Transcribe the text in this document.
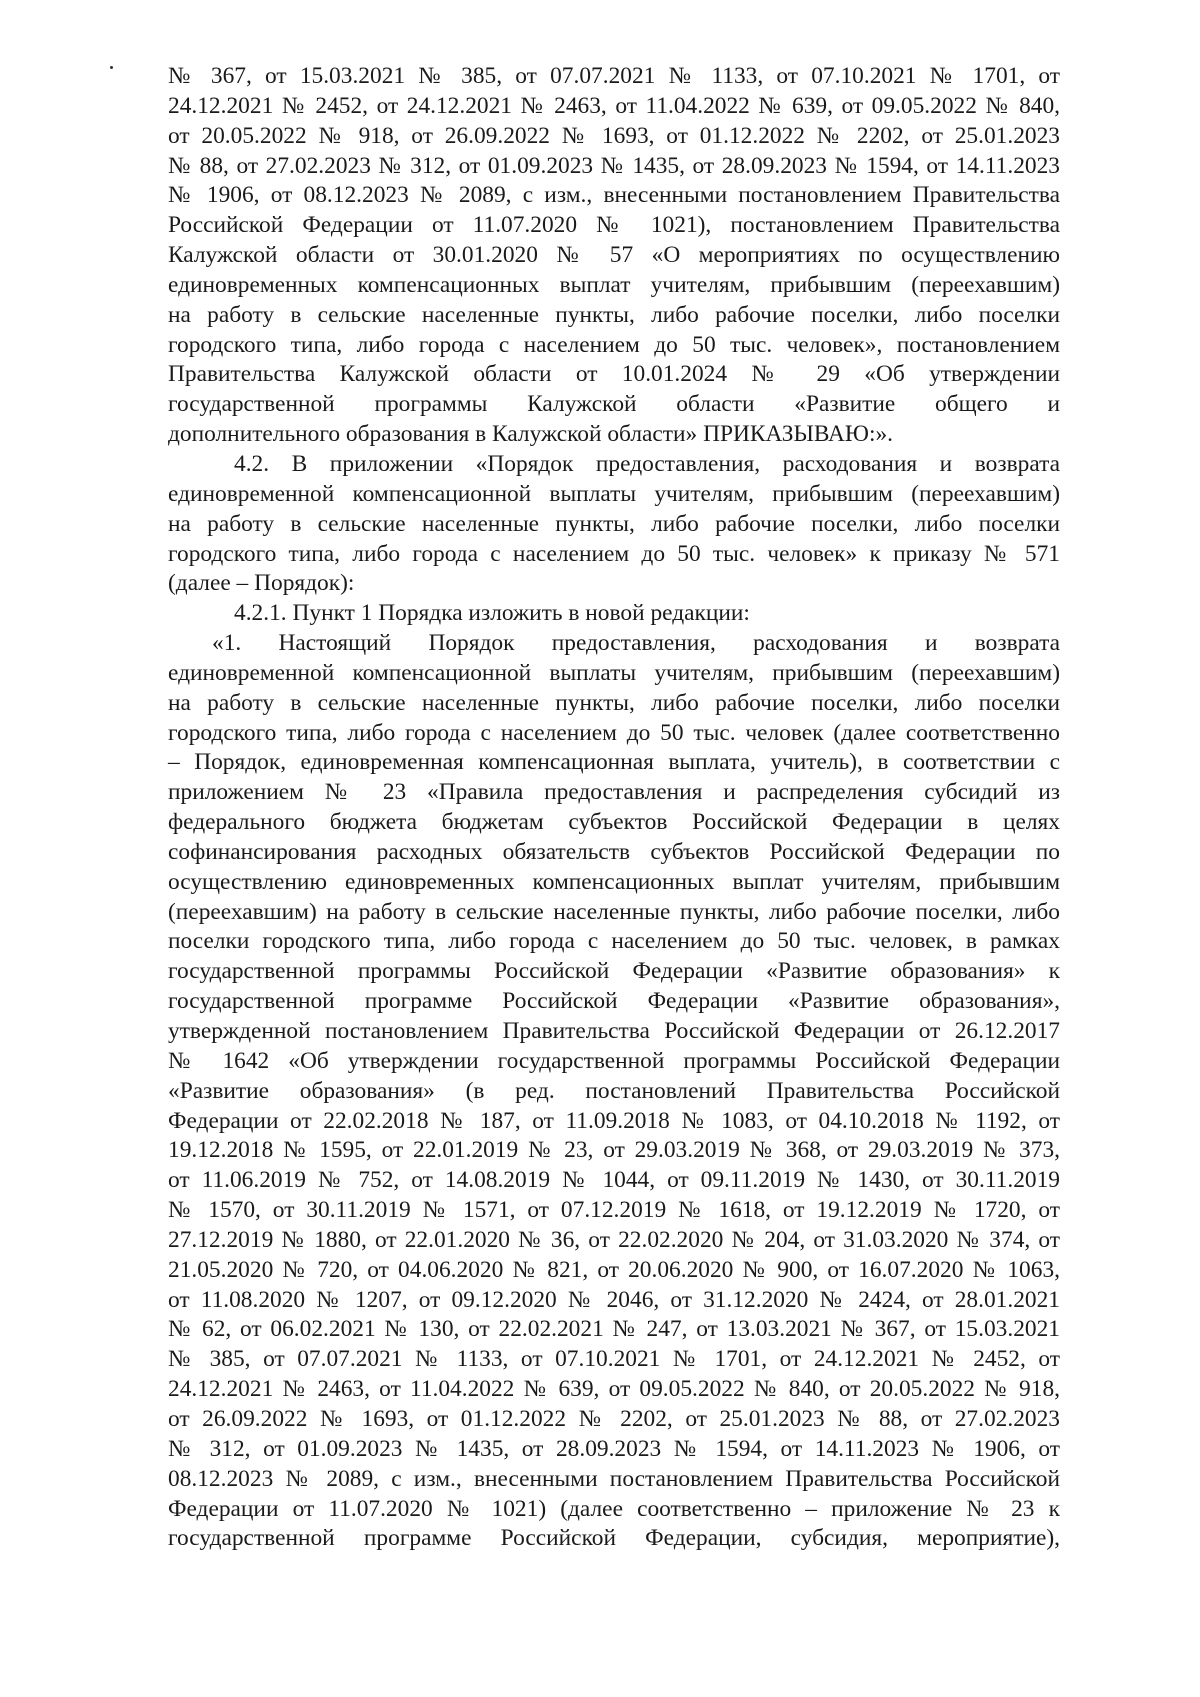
№ 367, от 15.03.2021 № 385, от 07.07.2021 № 1133, от 07.10.2021 № 1701, от
24.12.2021 № 2452, от 24.12.2021 № 2463, от 11.04.2022 № 639, от 09.05.2022 № 840,
от 20.05.2022 № 918, от 26.09.2022 № 1693, от 01.12.2022 № 2202, от 25.01.2023
№ 88, от 27.02.2023 № 312, от 01.09.2023 № 1435, от 28.09.2023 № 1594, от 14.11.2023
№ 1906, от 08.12.2023 № 2089, с изм., внесенными постановлением Правительства
Российской Федерации от 11.07.2020 № 1021), постановлением Правительства
Калужской области от 30.01.2020 № 57 «О мероприятиях по осуществлению
единовременных компенсационных выплат учителям, прибывшим (переехавшим)
на работу в сельские населенные пункты, либо рабочие поселки, либо поселки
городского типа, либо города с населением до 50 тыс. человек», постановлением
Правительства Калужской области от 10.01.2024 № 29 «Об утверждении
государственной программы Калужской области «Развитие общего и
дополнительного образования в Калужской области» ПРИКАЗЫВАЮ:».
4.2. В приложении «Порядок предоставления, расходования и возврата
единовременной компенсационной выплаты учителям, прибывшим (переехавшим)
на работу в сельские населенные пункты, либо рабочие поселки, либо поселки
городского типа, либо города с населением до 50 тыс. человек» к приказу № 571
(далее – Порядок):
4.2.1. Пункт 1 Порядка изложить в новой редакции:
«1. Настоящий Порядок предоставления, расходования и возврата
единовременной компенсационной выплаты учителям, прибывшим (переехавшим)
на работу в сельские населенные пункты, либо рабочие поселки, либо поселки
городского типа, либо города с населением до 50 тыс. человек (далее соответственно
– Порядок, единовременная компенсационная выплата, учитель), в соответствии с
приложением № 23 «Правила предоставления и распределения субсидий из
федерального бюджета бюджетам субъектов Российской Федерации в целях
софинансирования расходных обязательств субъектов Российской Федерации по
осуществлению единовременных компенсационных выплат учителям, прибывшим
(переехавшим) на работу в сельские населенные пункты, либо рабочие поселки, либо
поселки городского типа, либо города с населением до 50 тыс. человек, в рамках
государственной программы Российской Федерации «Развитие образования» к
государственной программе Российской Федерации «Развитие образования»,
утвержденной постановлением Правительства Российской Федерации от 26.12.2017
№ 1642 «Об утверждении государственной программы Российской Федерации
«Развитие образования» (в ред. постановлений Правительства Российской
Федерации от 22.02.2018 № 187, от 11.09.2018 № 1083, от 04.10.2018 № 1192, от
19.12.2018 № 1595, от 22.01.2019 № 23, от 29.03.2019 № 368, от 29.03.2019 № 373,
от 11.06.2019 № 752, от 14.08.2019 № 1044, от 09.11.2019 № 1430, от 30.11.2019
№ 1570, от 30.11.2019 № 1571, от 07.12.2019 № 1618, от 19.12.2019 № 1720, от
27.12.2019 № 1880, от 22.01.2020 № 36, от 22.02.2020 № 204, от 31.03.2020 № 374, от
21.05.2020 № 720, от 04.06.2020 № 821, от 20.06.2020 № 900, от 16.07.2020 № 1063,
от 11.08.2020 № 1207, от 09.12.2020 № 2046, от 31.12.2020 № 2424, от 28.01.2021
№ 62, от 06.02.2021 № 130, от 22.02.2021 № 247, от 13.03.2021 № 367, от 15.03.2021
№ 385, от 07.07.2021 № 1133, от 07.10.2021 № 1701, от 24.12.2021 № 2452, от
24.12.2021 № 2463, от 11.04.2022 № 639, от 09.05.2022 № 840, от 20.05.2022 № 918,
от 26.09.2022 № 1693, от 01.12.2022 № 2202, от 25.01.2023 № 88, от 27.02.2023
№ 312, от 01.09.2023 № 1435, от 28.09.2023 № 1594, от 14.11.2023 № 1906, от
08.12.2023 № 2089, с изм., внесенными постановлением Правительства Российской
Федерации от 11.07.2020 № 1021) (далее соответственно – приложение № 23 к
государственной программе Российской Федерации, субсидия, мероприятие),
